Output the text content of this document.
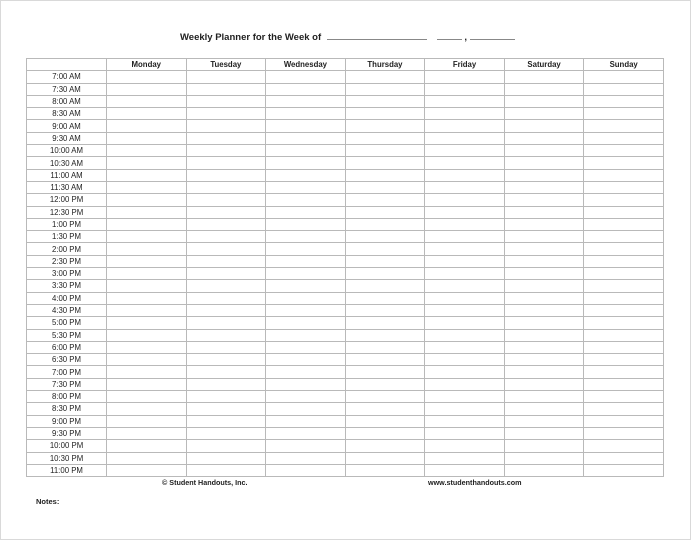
Weekly Planner for the Week of	,
	Monday	Tuesday	Wednesday	Thursday	Friday	Saturday	Sunday
7:00 AM							
7:30 AM							
8:00 AM							
8:30 AM							
9:00 AM							
9:30 AM							
10:00 AM							
10:30 AM							
11:00 AM							
11:30 AM							
12:00 PM							
12:30 PM							
1:00 PM							
1:30 PM							
2:00 PM							
2:30 PM							
3:00 PM							
3:30 PM							
4:00 PM							
4:30 PM							
5:00 PM							
5:30 PM							
6:00 PM							
6:30 PM							
7:00 PM							
7:30 PM							
8:00 PM							
8:30 PM							
9:00 PM							
9:30 PM							
10:00 PM							
10:30 PM							
11:00 PM							
© Student Handouts, Inc.	www.studenthandouts.com
Notes:
